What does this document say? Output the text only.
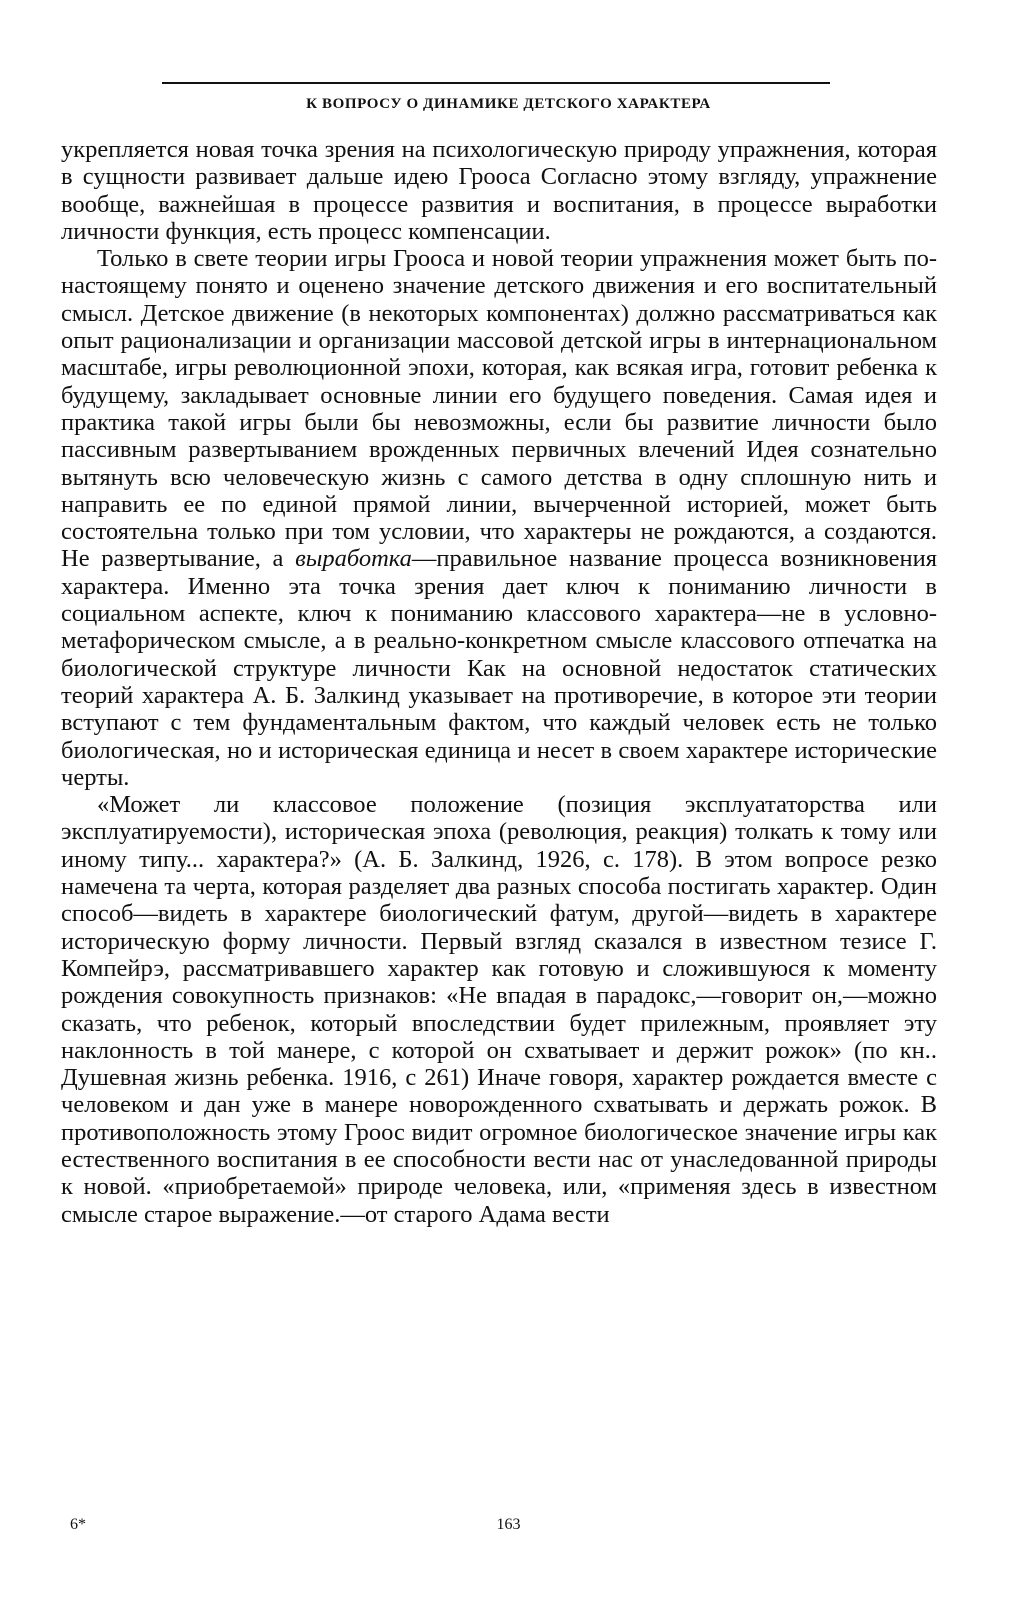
К ВОПРОСУ О ДИНАМИКЕ ДЕТСКОГО ХАРАКТЕРА

укрепляется новая точка зрения на психологическую природу упражнения, которая в сущности развивает дальше идею Грооса Согласно этому взгляду, упражнение вообще, важнейшая в процессе развития и воспитания, в процессе выработки личности функция, есть процесс компенсации.

Только в свете теории игры Грооса и новой теории упражнения может быть по-настоящему понято и оценено значение детского движения и его воспитательный смысл. Детское движение (в некоторых компонентах) должно рассматриваться как опыт рационализации и организации массовой детской игры в интернациональном масштабе, игры революционной эпохи, которая, как всякая игра, готовит ребенка к будущему, закладывает основные линии его будущего поведения. Самая идея и практика такой игры были бы невозможны, если бы развитие личности было пассивным развертыванием врожденных первичных влечений Идея сознательно вытянуть всю человеческую жизнь с самого детства в одну сплошную нить и направить ее по единой прямой линии, вычерченной историей, может быть состоятельна только при том условии, что характеры не рождаются, а создаются. Не развертывание, а выработка—правильное название процесса возникновения характера. Именно эта точка зрения дает ключ к пониманию личности в социальном аспекте, ключ к пониманию классового характера—не в условно-метафорическом смысле, а в реально-конкретном смысле классового отпечатка на биологической структуре личности Как на основной недостаток статических теорий характера А. Б. Залкинд указывает на противоречие, в которое эти теории вступают с тем фундаментальным фактом, что каждый человек есть не только биологическая, но и историческая единица и несет в своем характере исторические черты.

«Может ли классовое положение (позиция эксплуататорства или эксплуатируемости), историческая эпоха (революция, реакция) толкать к тому или иному типу... характера?» (А. Б. Залкинд, 1926, с. 178). В этом вопросе резко намечена та черта, которая разделяет два разных способа постигать характер. Один способ—видеть в характере биологический фатум, другой—видеть в характере историческую форму личности. Первый взгляд сказался в известном тезисе Г. Компейрэ, рассматривавшего характер как готовую и сложившуюся к моменту рождения совокупность признаков: «Не впадая в парадокс,—говорит он,—можно сказать, что ребенок, который впоследствии будет прилежным, проявляет эту наклонность в той манере, с которой он схватывает и держит рожок» (по кн.. Душевная жизнь ребенка. 1916, с 261) Иначе говоря, характер рождается вместе с человеком и дан уже в манере новорожденного схватывать и держать рожок. В противоположность этому Гроос видит огромное биологическое значение игры как естественного воспитания в ее способности вести нас от унаследованной природы к новой. «приобретаемой» природе человека, или, «применяя здесь в известном смысле старое выражение.—от старого Адама вести

6*	163
